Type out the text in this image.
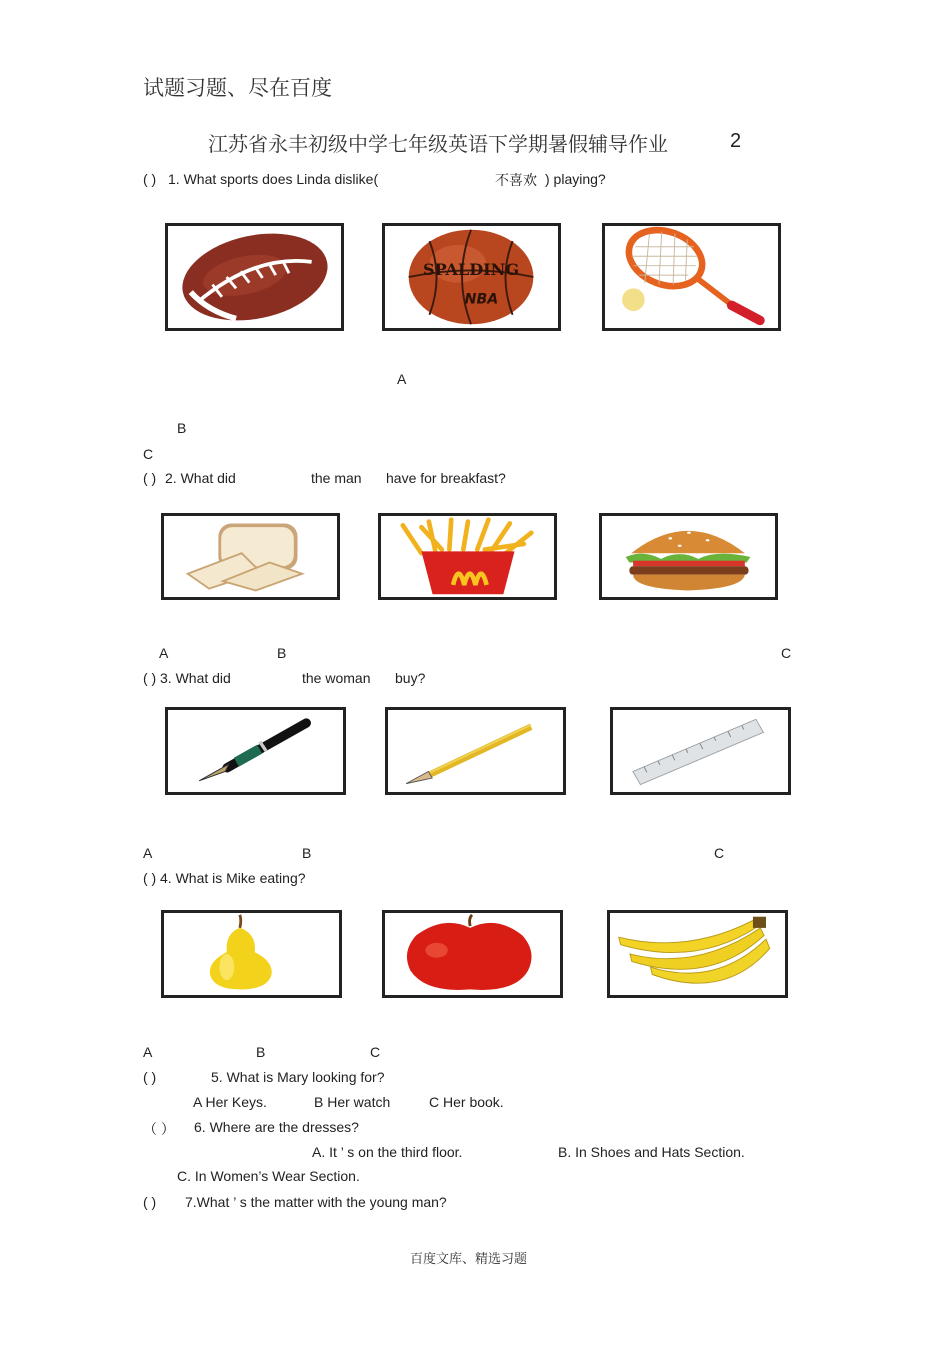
试题习题、尽在百度
江苏省永丰初级中学七年级英语下学期暑假辅导作业	2
( ) 1. What sports does Linda dislike(	不喜欢 ) playing?
SPALDING
NBA
A
B
C
( ) 2. What did	the man have for breakfast?
A	B	C
( ) 3. What did	the woman buy?
A	B	C
( ) 4. What is Mike eating?
A	B	C
( )	5. What is Mary looking for?
A Her Keys.	B Her watch	C Her book.
（ ） 6. Where are the dresses?
A. It ’ s on the third floor.	B. In Shoes and Hats Section.
C. In Women’s Wear Section.
( ) 7.What ’ s the matter with the young man?
百度文库、精选习题
